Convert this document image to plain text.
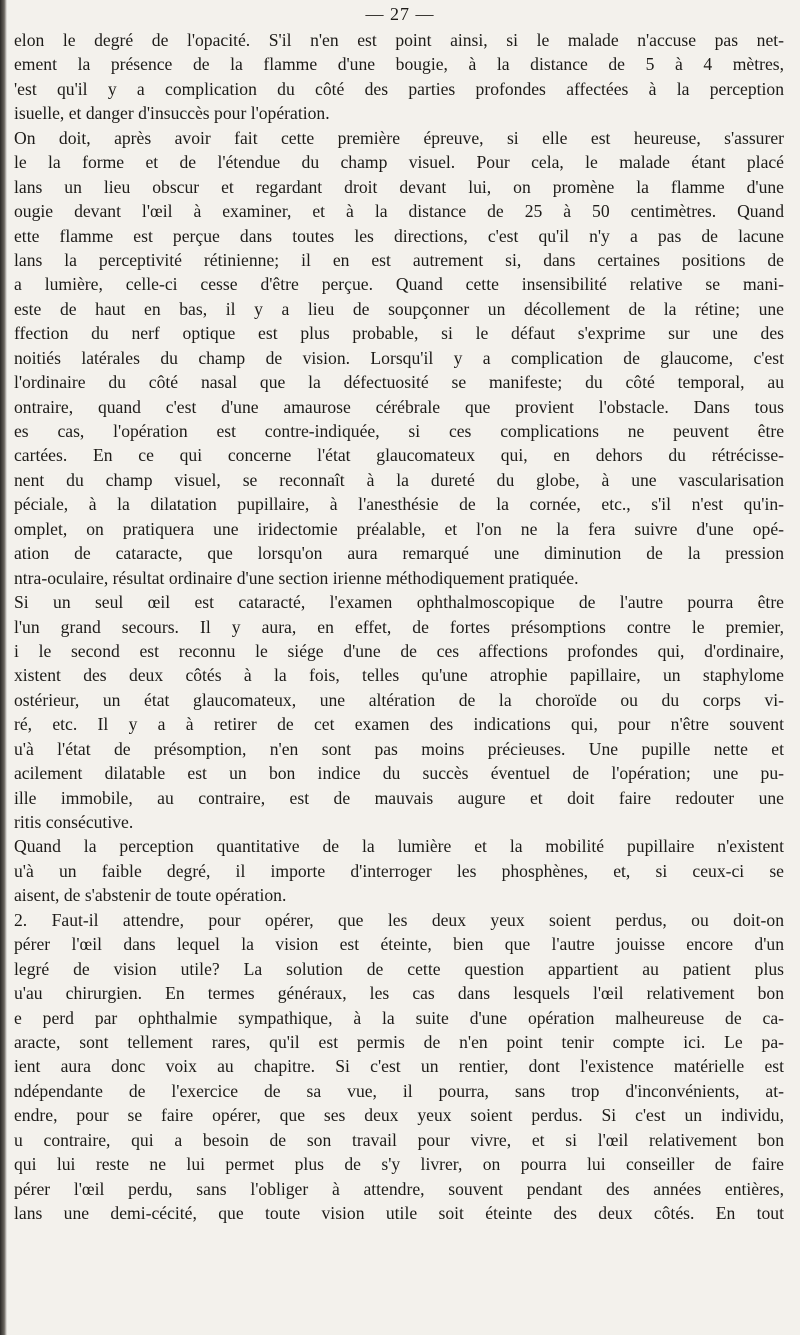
— 27 —
elon le degré de l'opacité. S'il n'en est point ainsi, si le malade n'accuse pas net-
ement la présence de la flamme d'une bougie, à la distance de 5 à 4 mètres,
'est qu'il y a complication du côté des parties profondes affectées à la perception
isuelle, et danger d'insuccès pour l'opération.
On doit, après avoir fait cette première épreuve, si elle est heureuse, s'assurer
le la forme et de l'étendue du champ visuel. Pour cela, le malade étant placé
lans un lieu obscur et regardant droit devant lui, on promène la flamme d'une
ougie devant l'œil à examiner, et à la distance de 25 à 50 centimètres. Quand
ette flamme est perçue dans toutes les directions, c'est qu'il n'y a pas de lacune
lans la perceptivité rétinienne; il en est autrement si, dans certaines positions de
a lumière, celle-ci cesse d'être perçue. Quand cette insensibilité relative se mani-
este de haut en bas, il y a lieu de soupçonner un décollement de la rétine; une
ffection du nerf optique est plus probable, si le défaut s'exprime sur une des
noitiés latérales du champ de vision. Lorsqu'il y a complication de glaucome, c'est
l'ordinaire du côté nasal que la défectuosité se manifeste; du côté temporal, au
ontraire, quand c'est d'une amaurose cérébrale que provient l'obstacle. Dans tous
es cas, l'opération est contre-indiquée, si ces complications ne peuvent être
cartées. En ce qui concerne l'état glaucomateux qui, en dehors du rétrécisse-
nent du champ visuel, se reconnaît à la dureté du globe, à une vascularisation
péciale, à la dilatation pupillaire, à l'anesthésie de la cornée, etc., s'il n'est qu'in-
omplet, on pratiquera une iridectomie préalable, et l'on ne la fera suivre d'une opé-
ation de cataracte, que lorsqu'on aura remarqué une diminution de la pression
ntra-oculaire, résultat ordinaire d'une section irienne méthodiquement pratiquée.
Si un seul œil est cataracté, l'examen ophthalmoscopique de l'autre pourra être
l'un grand secours. Il y aura, en effet, de fortes présomptions contre le premier,
i le second est reconnu le siége d'une de ces affections profondes qui, d'ordinaire,
xistent des deux côtés à la fois, telles qu'une atrophie papillaire, un staphylome
ostérieur, un état glaucomateux, une altération de la choroïde ou du corps vi-
ré, etc. Il y a à retirer de cet examen des indications qui, pour n'être souvent
u'à l'état de présomption, n'en sont pas moins précieuses. Une pupille nette et
acilement dilatable est un bon indice du succès éventuel de l'opération; une pu-
ille immobile, au contraire, est de mauvais augure et doit faire redouter une
ritis consécutive.
Quand la perception quantitative de la lumière et la mobilité pupillaire n'existent
u'à un faible degré, il importe d'interroger les phosphènes, et, si ceux-ci se
aisent, de s'abstenir de toute opération.
2. Faut-il attendre, pour opérer, que les deux yeux soient perdus, ou doit-on
pérer l'œil dans lequel la vision est éteinte, bien que l'autre jouisse encore d'un
legré de vision utile? La solution de cette question appartient au patient plus
u'au chirurgien. En termes généraux, les cas dans lesquels l'œil relativement bon
e perd par ophthalmie sympathique, à la suite d'une opération malheureuse de ca-
aracte, sont tellement rares, qu'il est permis de n'en point tenir compte ici. Le pa-
ient aura donc voix au chapitre. Si c'est un rentier, dont l'existence matérielle est
ndépendante de l'exercice de sa vue, il pourra, sans trop d'inconvénients, at-
endre, pour se faire opérer, que ses deux yeux soient perdus. Si c'est un individu,
u contraire, qui a besoin de son travail pour vivre, et si l'œil relativement bon
qui lui reste ne lui permet plus de s'y livrer, on pourra lui conseiller de faire
pérer l'œil perdu, sans l'obliger à attendre, souvent pendant des années entières,
lans une demi-cécité, que toute vision utile soit éteinte des deux côtés. En tout
